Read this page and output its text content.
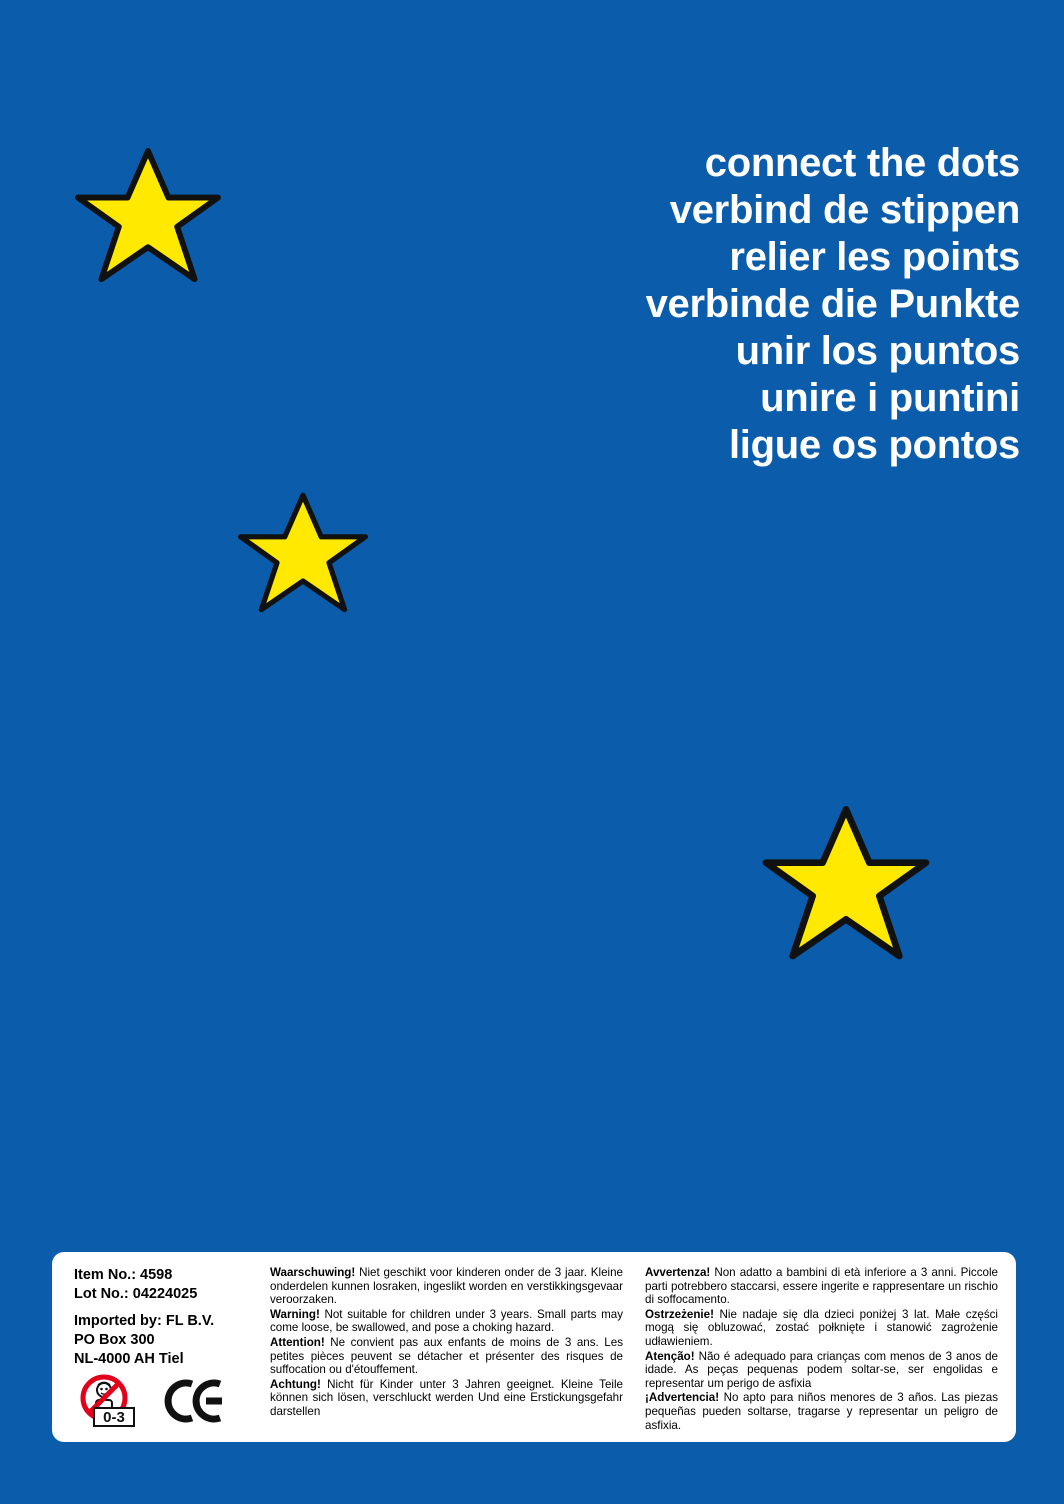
connect the dots
verbind de stippen
relier les points
verbinde die Punkte
unir los puntos
unire i puntini
ligue os pontos
Item No.: 4598
Lot No.: 04224025
Imported by: FL B.V.
PO Box 300
NL-4000 AH Tiel
0-3

Waarschuwing! Niet geschikt voor kinderen onder de 3 jaar. Kleine onderdelen kunnen losraken, ingeslikt worden en verstikkingsgevaar veroorzaken.

Warning! Not suitable for children under 3 years. Small parts may come loose, be swallowed, and pose a choking hazard.

Attention! Ne convient pas aux enfants de moins de 3 ans. Les petites pièces peuvent se détacher et présenter des risques de suffocation ou d'étouffement.

Achtung! Nicht für Kinder unter 3 Jahren geeignet. Kleine Teile können sich lösen, verschluckt werden Und eine Erstickungsgefahr darstellen

Avvertenza! Non adatto a bambini di età inferiore a 3 anni. Piccole parti potrebbero staccarsi, essere ingerite e rappresentare un rischio di soffocamento.

Ostrzeżenie! Nie nadaje się dla dzieci poniżej 3 lat. Małe części mogą się obluzować, zostać połknięte i stanowić zagrożenie udławieniem.

Atenção! Não é adequado para crianças com menos de 3 anos de idade. As peças pequenas podem soltar-se, ser engolidas e representar um perigo de asfixia

¡Advertencia! No apto para niños menores de 3 años. Las piezas pequeñas pueden soltarse, tragarse y representar un peligro de asfixia.
